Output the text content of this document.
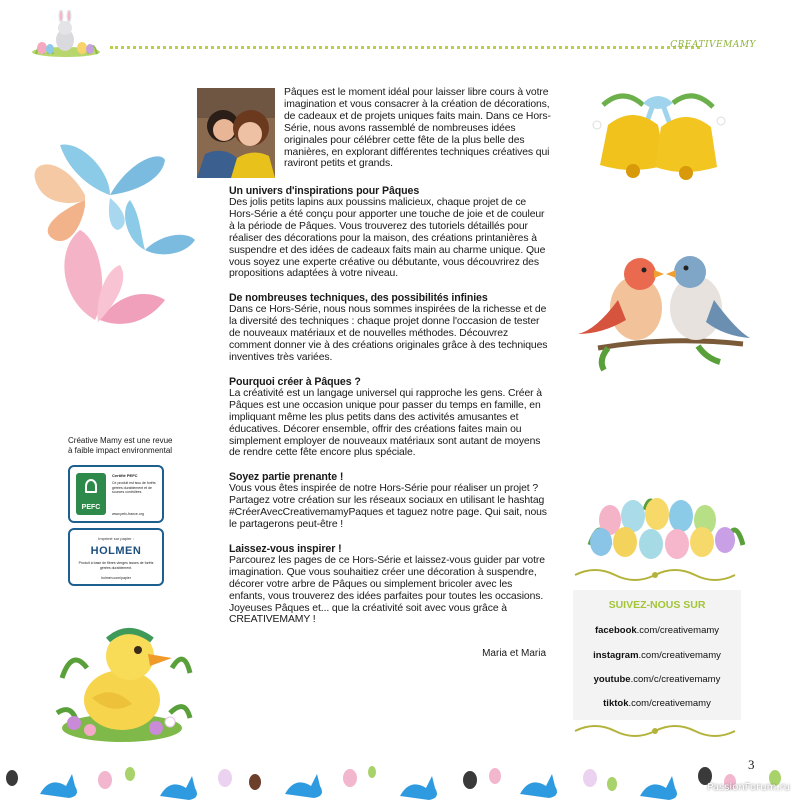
CREATIVEMAMY
Pâques est le moment idéal pour laisser libre cours à votre imagination et vous consacrer à la création de décorations, de cadeaux et de projets uniques faits main. Dans ce Hors-Série, nous avons rassemblé de nombreuses idées originales pour célébrer cette fête de la plus belle des manières, en explorant différentes techniques créatives qui raviront petits et grands.
Un univers d'inspirations pour Pâques

Des jolis petits lapins aux poussins malicieux, chaque projet de ce Hors-Série a été conçu pour apporter une touche de joie et de couleur à la période de Pâques. Vous trouverez des tutoriels détaillés pour réaliser des décorations pour la maison, des créations printanières à suspendre et des idées de cadeaux faits main au charme unique. Que vous soyez une experte créative ou débutante, vous découvrirez des propositions adaptées à votre niveau.

De nombreuses techniques, des possibilités infinies

Dans ce Hors-Série, nous nous sommes inspirées de la richesse et de la diversité des techniques : chaque projet donne l'occasion de tester de nouveaux matériaux et de nouvelles méthodes. Découvrez comment donner vie à des créations originales grâce à des techniques inventives très variées.

Pourquoi créer à Pâques ?

La créativité est un langage universel qui rapproche les gens. Créer à Pâques est une occasion unique pour passer du temps en famille, en impliquant même les plus petits dans des activités amusantes et éducatives. Décorer ensemble, offrir des créations faites main ou simplement employer de nouveaux matériaux sont autant de moyens de rendre cette fête encore plus spéciale.

Soyez partie prenante !

Vous vous êtes inspirée de notre Hors-Série pour réaliser un projet ? Partagez votre création sur les réseaux sociaux en utilisant le hashtag #CréerAvecCreativemamyPaques et taguez notre page. Qui sait, nous le partagerons peut-être !

Laissez-vous inspirer !

Parcourez les pages de ce Hors-Série et laissez-vous guider par votre imagination. Que vous souhaitiez créer une décoration à suspendre, décorer votre arbre de Pâques ou simplement bricoler avec les enfants, vous trouverez des idées parfaites pour toutes les occasions. Joyeuses Pâques et... que la créativité soit avec vous grâce à CREATIVEMAMY !

Maria et Maria
Créative Mamy est une revue à faible impact environmental
PEFC
Certifié PEFC
Ce produit est issu de forêts gérées durablement et de sources contrôlées
www.pefc-france.org
Imprimé sur papier :
HOLMEN
Produit à base de fibres vierges issues de forêts gérées durablement.
holmen.com/papier
SUIVEZ-NOUS SUR
facebook.com/creativemamy
instagram.com/creativemamy
youtube.com/c/creativemamy
tiktok.com/creativemamy
3
PassionForum.ru
